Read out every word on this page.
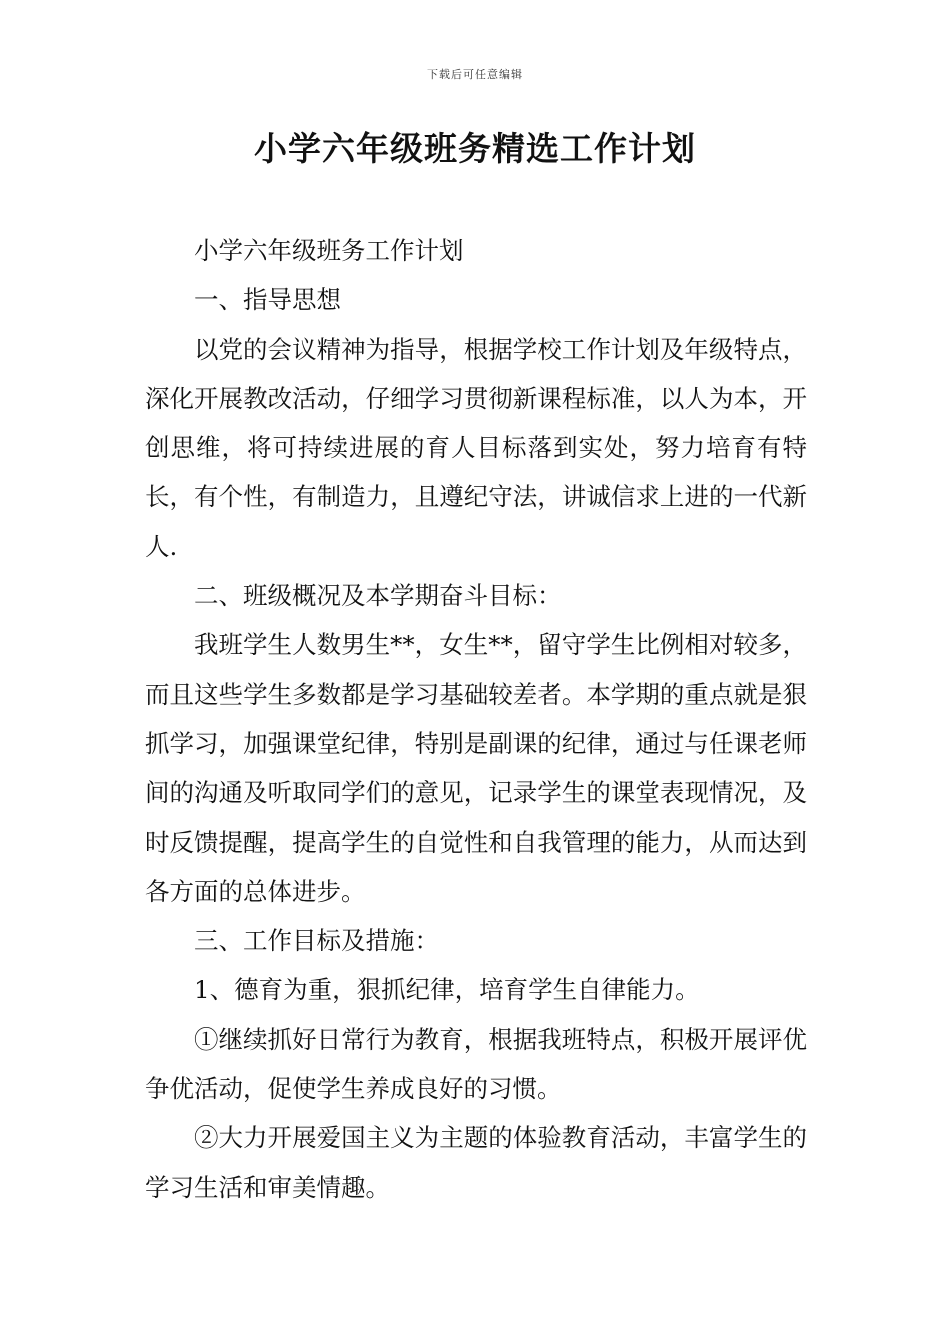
下载后可任意编辑
小学六年级班务精选工作计划

小学六年级班务工作计划

一、指导思想

以党的会议精神为指导，根据学校工作计划及年级特点，深化开展教改活动，仔细学习贯彻新课程标准，以人为本，开创思维，将可持续进展的育人目标落到实处，努力培育有特长，有个性，有制造力，且遵纪守法，讲诚信求上进的一代新人.

二、班级概况及本学期奋斗目标：

我班学生人数男生**，女生**，留守学生比例相对较多，而且这些学生多数都是学习基础较差者。本学期的重点就是狠抓学习，加强课堂纪律，特别是副课的纪律，通过与任课老师间的沟通及听取同学们的意见，记录学生的课堂表现情况，及时反馈提醒，提高学生的自觉性和自我管理的能力，从而达到各方面的总体进步。

三、工作目标及措施：

1、德育为重，狠抓纪律，培育学生自律能力。

①继续抓好日常行为教育，根据我班特点，积极开展评优争优活动，促使学生养成良好的习惯。

②大力开展爱国主义为主题的体验教育活动，丰富学生的学习生活和审美情趣。
